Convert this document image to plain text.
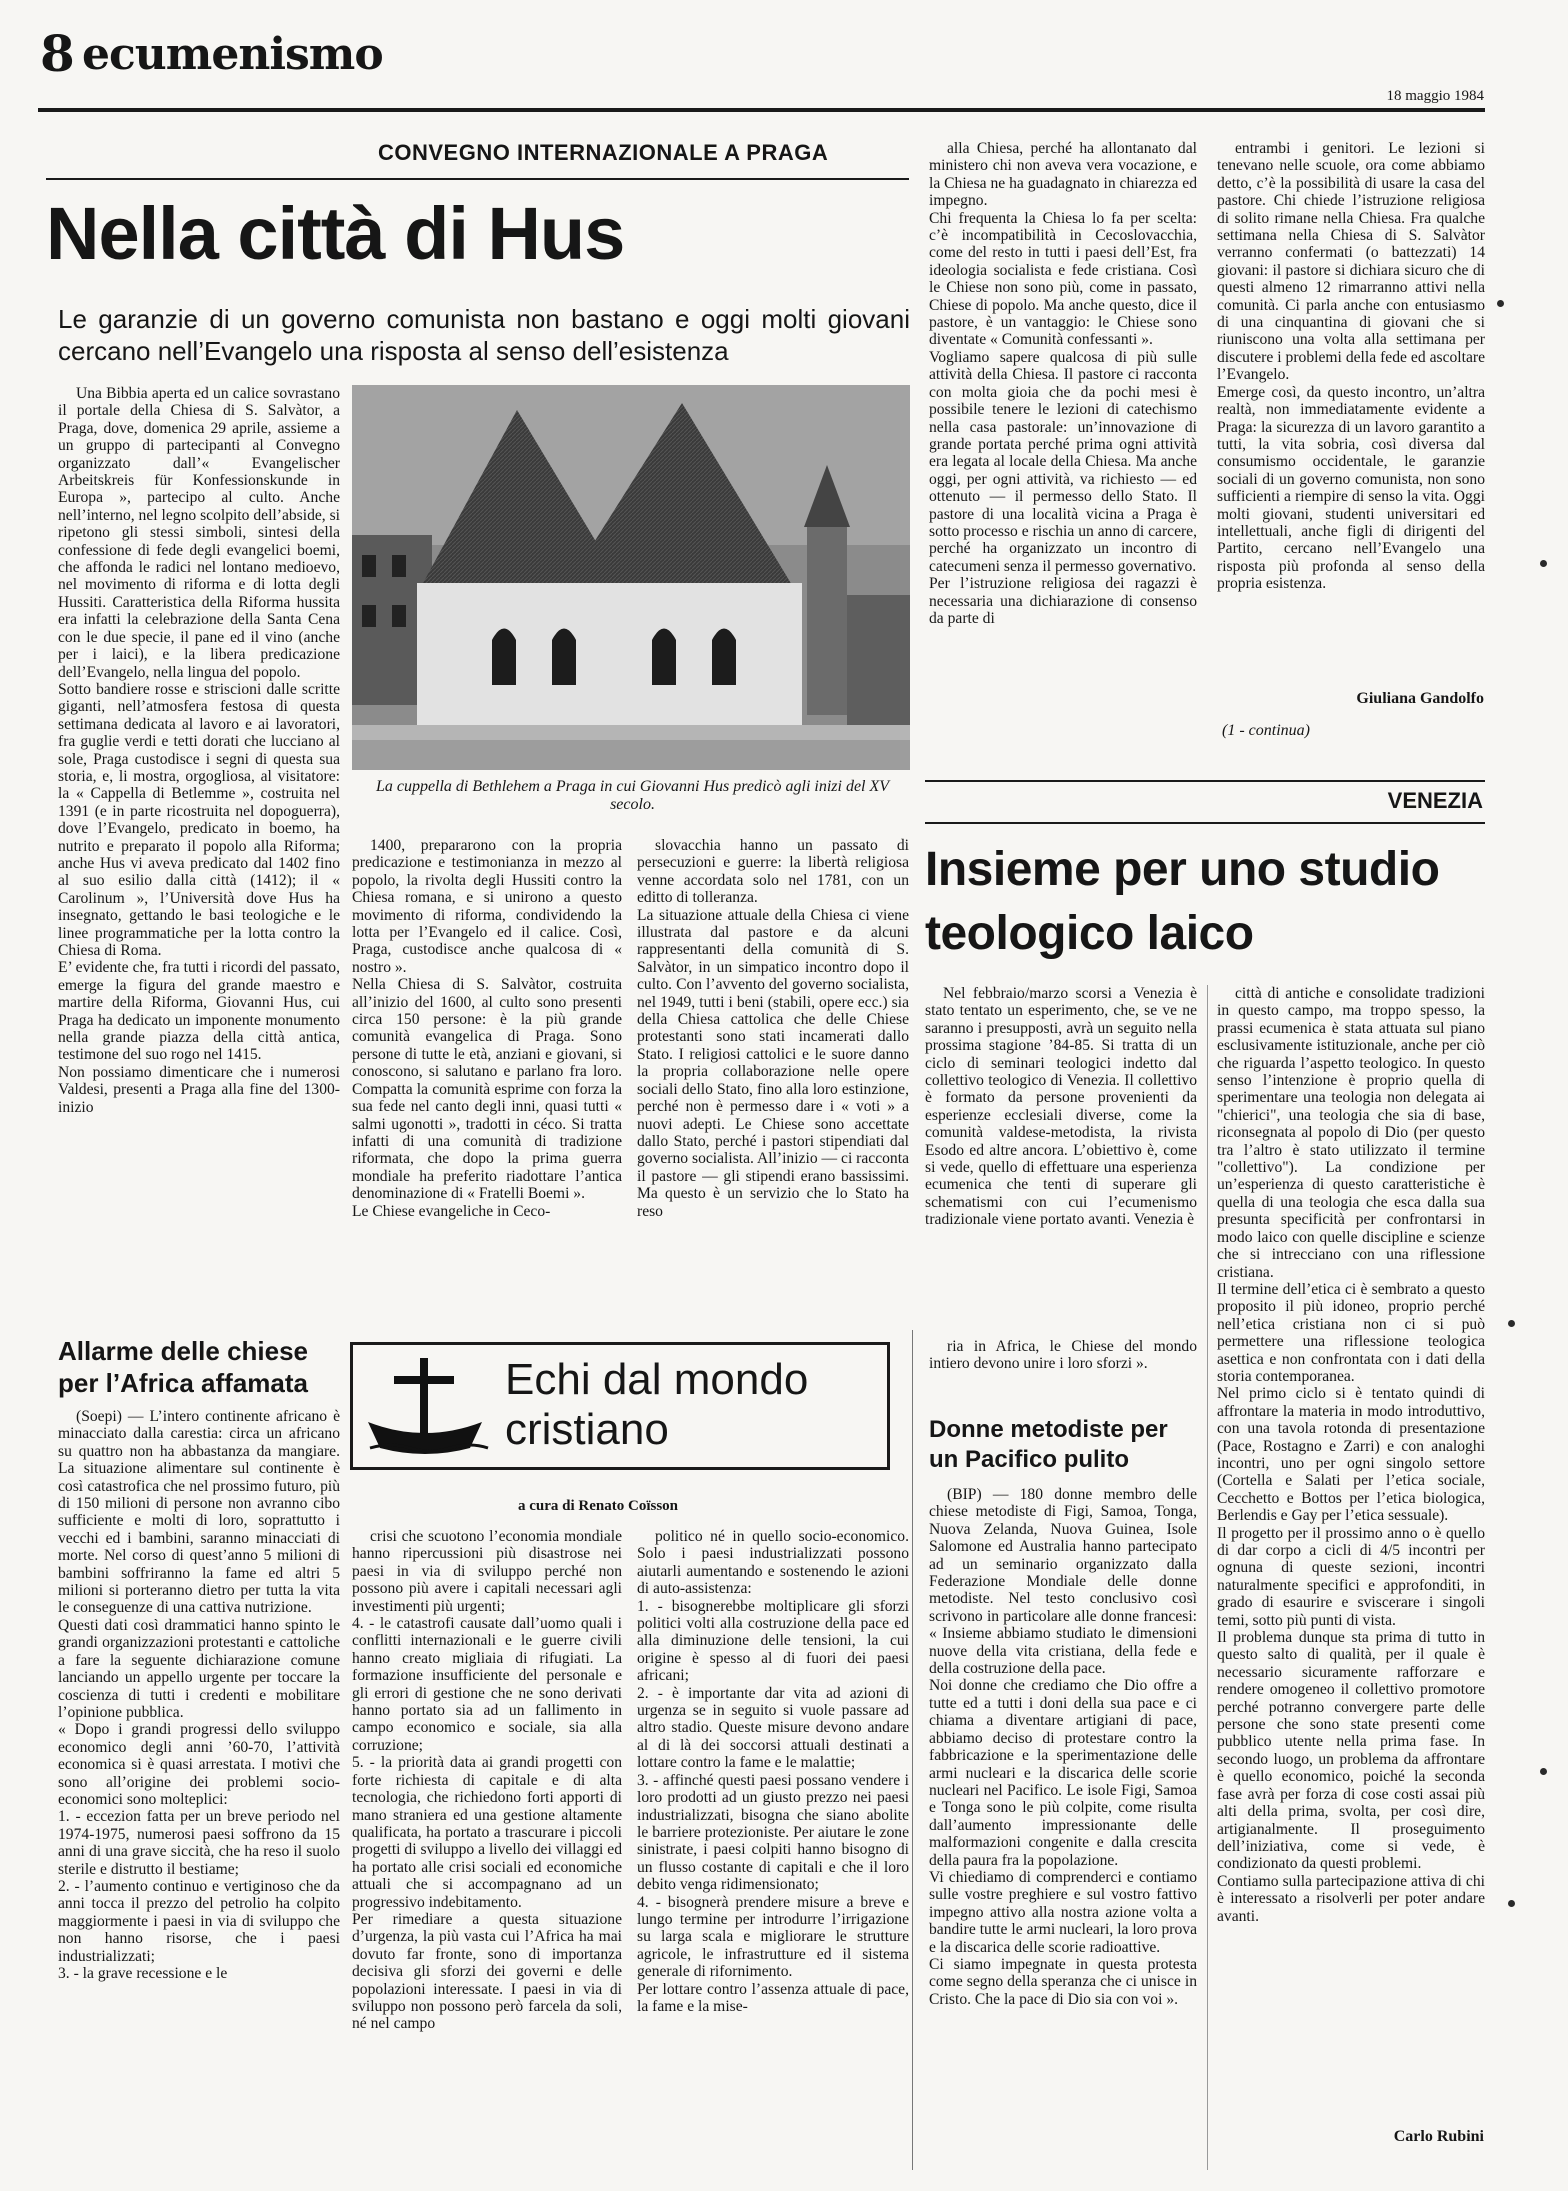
8 ecumenismo
18 maggio 1984
CONVEGNO INTERNAZIONALE A PRAGA
Nella città di Hus
Le garanzie di un governo comunista non bastano e oggi molti giovani cercano nell’Evangelo una risposta al senso dell’esistenza
La cuppella di Bethlehem a Praga in cui Giovanni Hus predicò agli inizi del XV secolo.

Una Bibbia aperta ed un calice sovrastano il portale della Chiesa di S. Salvàtor, a Praga, dove, domenica 29 aprile, assieme a un gruppo di partecipanti al Convegno organizzato dall’« Evangelischer Arbeitskreis für Konfessionskunde in Europa », partecipo al culto. Anche nell’interno, nel legno scolpito dell’abside, si ripetono gli stessi simboli, sintesi della confessione di fede degli evangelici boemi, che affonda le radici nel lontano medioevo, nel movimento di riforma e di lotta degli Hussiti. Caratteristica della Riforma hussita era infatti la celebrazione della Santa Cena con le due specie, il pane ed il vino (anche per i laici), e la libera predicazione dell’Evangelo, nella lingua del popolo.
Sotto bandiere rosse e striscioni dalle scritte giganti, nell’atmosfera festosa di questa settimana dedicata al lavoro e ai lavoratori, fra guglie verdi e tetti dorati che lucciano al sole, Praga custodisce i segni di questa sua storia, e, li mostra, orgogliosa, al visitatore: la « Cappella di Betlemme », costruita nel 1391 (e in parte ricostruita nel dopoguerra), dove l’Evangelo, predicato in boemo, ha nutrito e preparato il popolo alla Riforma; anche Hus vi aveva predicato dal 1402 fino al suo esilio dalla città (1412); il « Carolinum », l’Università dove Hus ha insegnato, gettando le basi teologiche e le linee programmatiche per la lotta contro la Chiesa di Roma.
E’ evidente che, fra tutti i ricordi del passato, emerge la figura del grande maestro e martire della Riforma, Giovanni Hus, cui Praga ha dedicato un imponente monumento nella grande piazza della città antica, testimone del suo rogo nel 1415.
Non possiamo dimenticare che i numerosi Valdesi, presenti a Praga alla fine del 1300-inizio

1400, prepararono con la propria predicazione e testimonianza in mezzo al popolo, la rivolta degli Hussiti contro la Chiesa romana, e si unirono a questo movimento di riforma, condividendo la lotta per l’Evangelo ed il calice. Così, Praga, custodisce anche qualcosa di « nostro ».
Nella Chiesa di S. Salvàtor, costruita all’inizio del 1600, al culto sono presenti circa 150 persone: è la più grande comunità evangelica di Praga. Sono persone di tutte le età, anziani e giovani, si conoscono, si salutano e parlano fra loro. Compatta la comunità esprime con forza la sua fede nel canto degli inni, quasi tutti « salmi ugonotti », tradotti in céco. Si tratta infatti di una comunità di tradizione riformata, che dopo la prima guerra mondiale ha preferito riadottare l’antica denominazione di « Fratelli Boemi ».
Le Chiese evangeliche in Ceco-

slovacchia hanno un passato di persecuzioni e guerre: la libertà religiosa venne accordata solo nel 1781, con un editto di tolleranza.
La situazione attuale della Chiesa ci viene illustrata dal pastore e da alcuni rappresentanti della comunità di S. Salvàtor, in un simpatico incontro dopo il culto. Con l’avvento del governo socialista, nel 1949, tutti i beni (stabili, opere ecc.) sia della Chiesa cattolica che delle Chiese protestanti sono stati incamerati dallo Stato. I religiosi cattolici e le suore danno la propria collaborazione nelle opere sociali dello Stato, fino alla loro estinzione, perché non è permesso dare i « voti » a nuovi adepti. Le Chiese sono accettate dallo Stato, perché i pastori stipendiati dal governo socialista. All’inizio — ci racconta il pastore — gli stipendi erano bassissimi. Ma questo è un servizio che lo Stato ha reso

alla Chiesa, perché ha allontanato dal ministero chi non aveva vera vocazione, e la Chiesa ne ha guadagnato in chiarezza ed impegno.
Chi frequenta la Chiesa lo fa per scelta: c’è incompatibilità in Cecoslovacchia, come del resto in tutti i paesi dell’Est, fra ideologia socialista e fede cristiana. Così le Chiese non sono più, come in passato, Chiese di popolo. Ma anche questo, dice il pastore, è un vantaggio: le Chiese sono diventate « Comunità confessanti ».
Vogliamo sapere qualcosa di più sulle attività della Chiesa. Il pastore ci racconta con molta gioia che da pochi mesi è possibile tenere le lezioni di catechismo nella casa pastorale: un’innovazione di grande portata perché prima ogni attività era legata al locale della Chiesa. Ma anche oggi, per ogni attività, va richiesto — ed ottenuto — il permesso dello Stato. Il pastore di una località vicina a Praga è sotto processo e rischia un anno di carcere, perché ha organizzato un incontro di catecumeni senza il permesso governativo.
Per l’istruzione religiosa dei ragazzi è necessaria una dichiarazione di consenso da parte di

entrambi i genitori. Le lezioni si tenevano nelle scuole, ora come abbiamo detto, c’è la possibilità di usare la casa del pastore. Chi chiede l’istruzione religiosa di solito rimane nella Chiesa. Fra qualche settimana nella Chiesa di S. Salvàtor verranno confermati (o battezzati) 14 giovani: il pastore si dichiara sicuro che di questi almeno 12 rimarranno attivi nella comunità. Ci parla anche con entusiasmo di una cinquantina di giovani che si riuniscono una volta alla settimana per discutere i problemi della fede ed ascoltare l’Evangelo.
Emerge così, da questo incontro, un’altra realtà, non immediatamente evidente a Praga: la sicurezza di un lavoro garantito a tutti, la vita sobria, così diversa dal consumismo occidentale, le garanzie sociali di un governo comunista, non sono sufficienti a riempire di senso la vita. Oggi molti giovani, studenti universitari ed intellettuali, anche figli di dirigenti del Partito, cercano nell’Evangelo una risposta più profonda al senso della propria esistenza.

Giuliana Gandolfo
(1 - continua)
VENEZIA
Insieme per uno studio
teologico laico

Nel febbraio/marzo scorsi a Venezia è stato tentato un esperimento, che, se ve ne saranno i presupposti, avrà un seguito nella prossima stagione ’84-85. Si tratta di un ciclo di seminari teologici indetto dal collettivo teologico di Venezia. Il collettivo è formato da persone provenienti da esperienze ecclesiali diverse, come la comunità valdese-metodista, la rivista Esodo ed altre ancora. L’obiettivo è, come si vede, quello di effettuare una esperienza ecumenica che tenti di superare gli schematismi con cui l’ecumenismo tradizionale viene portato avanti. Venezia è

città di antiche e consolidate tradizioni in questo campo, ma troppo spesso, la prassi ecumenica è stata attuata sul piano esclusivamente istituzionale, anche per ciò che riguarda l’aspetto teologico. In questo senso l’intenzione è proprio quella di sperimentare una teologia non delegata ai "chierici", una teologia che sia di base, riconsegnata al popolo di Dio (per questo tra l’altro è stato utilizzato il termine "collettivo"). La condizione per un’esperienza di questo caratteristiche è quella di una teologia che esca dalla sua presunta specificità per confrontarsi in modo laico con quelle discipline e scienze che si intrecciano con una riflessione cristiana.
Il termine dell’etica ci è sembrato a questo proposito il più idoneo, proprio perché nell’etica cristiana non ci si può permettere una riflessione teologica asettica e non confrontata con i dati della storia contemporanea.
Nel primo ciclo si è tentato quindi di affrontare la materia in modo introduttivo, con una tavola rotonda di presentazione (Pace, Rostagno e Zarri) e con analoghi incontri, uno per ogni singolo settore (Cortella e Salati per l’etica sociale, Cecchetto e Bottos per l’etica biologica, Berlendis e Gay per l’etica sessuale).
Il progetto per il prossimo anno o è quello di dar corpo a cicli di 4/5 incontri per ognuna di queste sezioni, incontri naturalmente specifici e approfonditi, in grado di esaurire e sviscerare i singoli temi, sotto più punti di vista.
Il problema dunque sta prima di tutto in questo salto di qualità, per il quale è necessario sicuramente rafforzare e rendere omogeneo il collettivo promotore perché potranno convergere parte delle persone che sono state presenti come pubblico utente nella prima fase. In secondo luogo, un problema da affrontare è quello economico, poiché la seconda fase avrà per forza di cose costi assai più alti della prima, svolta, per così dire, artigianalmente. Il proseguimento dell’iniziativa, come si vede, è condizionato da questi problemi.
Contiamo sulla partecipazione attiva di chi è interessato a risolverli per poter andare avanti.

Carlo Rubini
Allarme delle chiese per l’Africa affamata

(Soepi) — L’intero continente africano è minacciato dalla carestia: circa un africano su quattro non ha abbastanza da mangiare. La situazione alimentare sul continente è così catastrofica che nel prossimo futuro, più di 150 milioni di persone non avranno cibo sufficiente e molti di loro, soprattutto i vecchi ed i bambini, saranno minacciati di morte. Nel corso di quest’anno 5 milioni di bambini soffriranno la fame ed altri 5 milioni si porteranno dietro per tutta la vita le conseguenze di una cattiva nutrizione.
Questi dati così drammatici hanno spinto le grandi organizzazioni protestanti e cattoliche a fare la seguente dichiarazione comune lanciando un appello urgente per toccare la coscienza di tutti i credenti e mobilitare l’opinione pubblica.
« Dopo i grandi progressi dello sviluppo economico degli anni ’60-70, l’attività economica si è quasi arrestata. I motivi che sono all’origine dei problemi socio-economici sono molteplici:
1. - eccezion fatta per un breve periodo nel 1974-1975, numerosi paesi soffrono da 15 anni di una grave siccità, che ha reso il suolo sterile e distrutto il bestiame;
2. - l’aumento continuo e vertiginoso che da anni tocca il prezzo del petrolio ha colpito maggiormente i paesi in via di sviluppo che non hanno risorse, che i paesi industrializzati;
3. - la grave recessione e le

Echi dal mondo
cristiano
a cura di Renato Coïsson

crisi che scuotono l’economia mondiale hanno ripercussioni più disastrose nei paesi in via di sviluppo perché non possono più avere i capitali necessari agli investimenti più urgenti;
4. - le catastrofi causate dall’uomo quali i conflitti internazionali e le guerre civili hanno creato migliaia di rifugiati. La formazione insufficiente del personale e gli errori di gestione che ne sono derivati hanno portato sia ad un fallimento in campo economico e sociale, sia alla corruzione;
5. - la priorità data ai grandi progetti con forte richiesta di capitale e di alta tecnologia, che richiedono forti apporti di mano straniera ed una gestione altamente qualificata, ha portato a trascurare i piccoli progetti di sviluppo a livello dei villaggi ed ha portato alle crisi sociali ed economiche attuali che si accompagnano ad un progressivo indebitamento.
Per rimediare a questa situazione d’urgenza, la più vasta cui l’Africa ha mai dovuto far fronte, sono di importanza decisiva gli sforzi dei governi e delle popolazioni interessate. I paesi in via di sviluppo non possono però farcela da soli, né nel campo

politico né in quello socio-economico. Solo i paesi industrializzati possono aiutarli aumentando e sostenendo le azioni di auto-assistenza:
1. - bisognerebbe moltiplicare gli sforzi politici volti alla costruzione della pace ed alla diminuzione delle tensioni, la cui origine è spesso al di fuori dei paesi africani;
2. - è importante dar vita ad azioni di urgenza se in seguito si vuole passare ad altro stadio. Queste misure devono andare al di là dei soccorsi attuali destinati a lottare contro la fame e le malattie;
3. - affinché questi paesi possano vendere i loro prodotti ad un giusto prezzo nei paesi industrializzati, bisogna che siano abolite le barriere protezioniste. Per aiutare le zone sinistrate, i paesi colpiti hanno bisogno di un flusso costante di capitali e che il loro debito venga ridimensionato;
4. - bisognerà prendere misure a breve e lungo termine per introdurre l’irrigazione su larga scala e migliorare le strutture agricole, le infrastrutture ed il sistema generale di rifornimento.
Per lottare contro l’assenza attuale di pace, la fame e la mise-

ria in Africa, le Chiese del mondo intiero devono unire i loro sforzi ».

Donne metodiste per un Pacifico pulito

(BIP) — 180 donne membro delle chiese metodiste di Figi, Samoa, Tonga, Nuova Zelanda, Nuova Guinea, Isole Salomone ed Australia hanno partecipato ad un seminario organizzato dalla Federazione Mondiale delle donne metodiste. Nel testo conclusivo così scrivono in particolare alle donne francesi: « Insieme abbiamo studiato le dimensioni nuove della vita cristiana, della fede e della costruzione della pace.
Noi donne che crediamo che Dio offre a tutte ed a tutti i doni della sua pace e ci chiama a diventare artigiani di pace, abbiamo deciso di protestare contro la fabbricazione e la sperimentazione delle armi nucleari e la discarica delle scorie nucleari nel Pacifico. Le isole Figi, Samoa e Tonga sono le più colpite, come risulta dall’aumento impressionante delle malformazioni congenite e dalla crescita della paura fra la popolazione.
Vi chiediamo di comprenderci e contiamo sulle vostre preghiere e sul vostro fattivo impegno attivo alla nostra azione volta a bandire tutte le armi nucleari, la loro prova e la discarica delle scorie radioattive.
Ci siamo impegnate in questa protesta come segno della speranza che ci unisce in Cristo. Che la pace di Dio sia con voi ».
